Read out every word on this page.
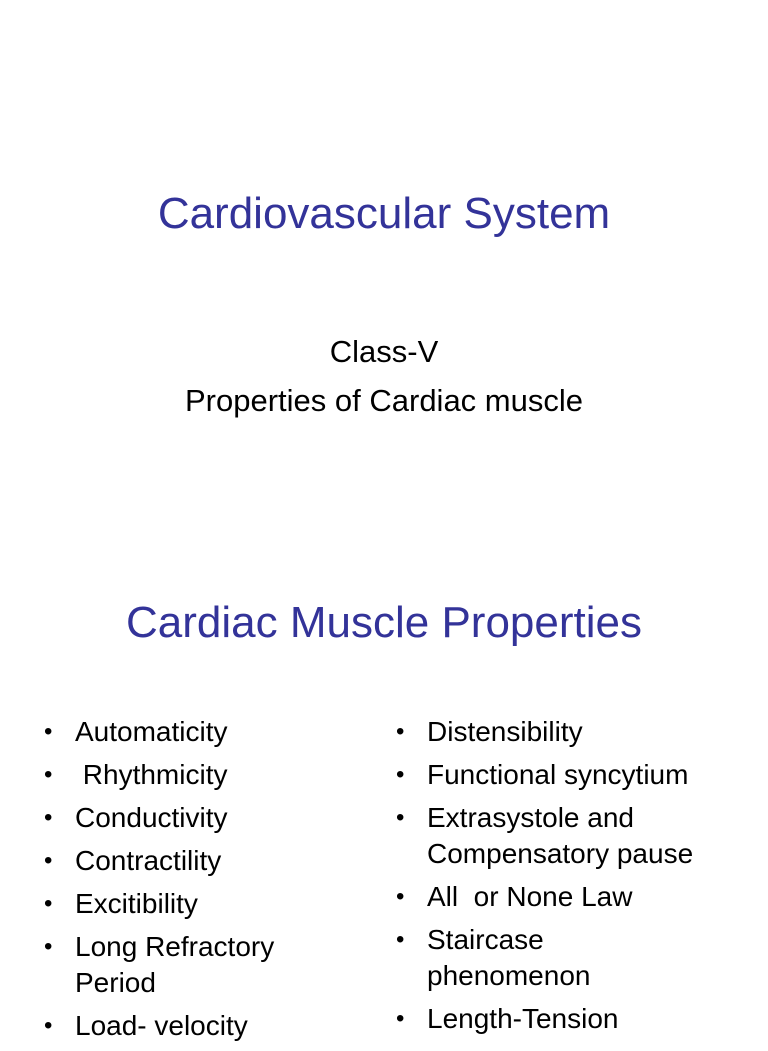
Cardiovascular System
Class-V
Properties of Cardiac muscle
Cardiac Muscle Properties
• Automaticity
• Rhythmicity
• Conductivity
• Contractility
• Excitibility
• Long Refractory Period
• Load- velocity
• Distensibility
• Functional syncytium
• Extrasystole and Compensatory pause
• All  or None Law
• Staircase phenomenon
• Length-Tension
